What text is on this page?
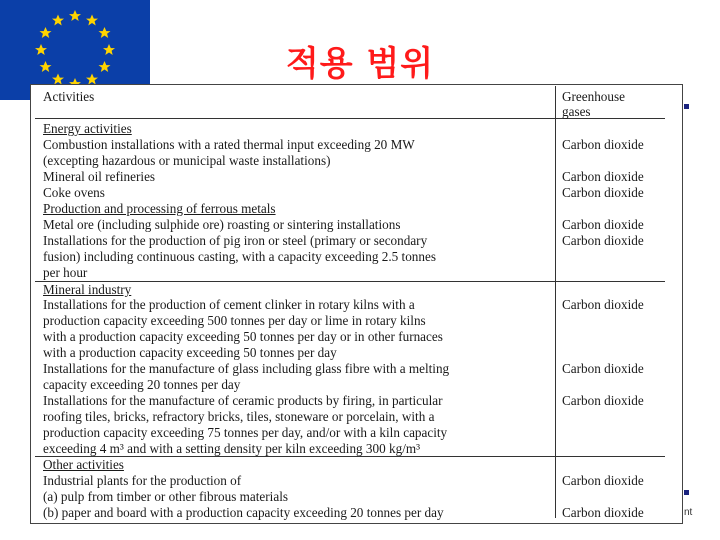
적용 범위
nt
Activities	Greenhouse
gases
Energy activities
Combustion installations with a rated thermal input exceeding 20 MW
(excepting hazardous or municipal waste installations)
Mineral oil refineries
Coke ovens
Production and processing of ferrous metals
Metal ore (including sulphide ore) roasting or sintering installations
Installations for the production of pig iron or steel (primary or secondary
fusion) including continuous casting, with a capacity exceeding 2.5 tonnes
per hour
Carbon dioxide
Carbon dioxide
Carbon dioxide
Carbon dioxide
Carbon dioxide
Mineral industry
Installations for the production of cement clinker in rotary kilns with a
production capacity exceeding 500 tonnes per day or lime in rotary kilns
with a production capacity exceeding 50 tonnes per day or in other furnaces
with a production capacity exceeding 50 tonnes per day
Installations for the manufacture of glass including glass fibre with a melting
capacity exceeding 20 tonnes per day
Installations for the manufacture of ceramic products by firing, in particular
roofing tiles, bricks, refractory bricks, tiles, stoneware or porcelain, with a
production capacity exceeding 75 tonnes per day, and/or with a kiln capacity
exceeding 4 m³ and with a setting density per kiln exceeding 300 kg/m³
Carbon dioxide
Carbon dioxide
Carbon dioxide
Other activities
Industrial plants for the production of
(a) pulp from timber or other fibrous materials
(b) paper and board with a production capacity exceeding 20 tonnes per day
Carbon dioxide
Carbon dioxide
